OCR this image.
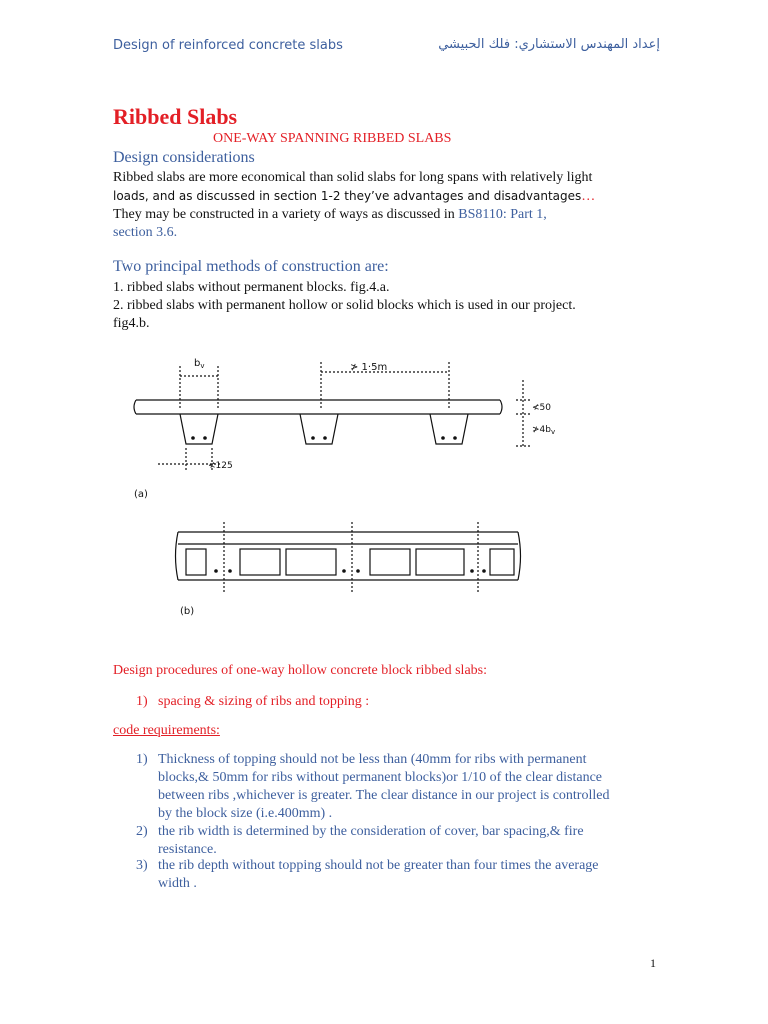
Design of reinforced concrete slabs	إعداد المهندس الاستشاري: فلك الحبيشي
Ribbed Slabs
ONE-WAY SPANNING RIBBED SLABS
Design considerations
Ribbed slabs are more economical than solid slabs for long spans with relatively light
loads, and as discussed in section 1-2 they’ve advantages and disadvantages…
They may be constructed in a variety of ways as discussed in BS8110: Part 1,
section 3.6.
Two principal methods of construction are:
1. ribbed slabs without permanent blocks. fig.4.a.
2. ribbed slabs with permanent hollow or solid blocks which is used in our project.
fig4.b.
$b_v$	≯ 1·5m
≮50
$≯4b_v$
≮125
(a)
(b)
Design procedures of one-way hollow concrete block ribbed slabs:
1) spacing & sizing of ribs and topping :
code requirements:
1) Thickness of topping should not be less than (40mm for ribs with permanent
blocks,& 50mm for ribs without permanent blocks)or 1/10 of the clear distance
between ribs ,whichever is greater. The clear distance in our project is controlled
by the block size (i.e.400mm) .
2) the rib width is determined by the consideration of cover, bar spacing,& fire
resistance.
3) the rib depth without topping should not be greater than four times the average
width .
1
